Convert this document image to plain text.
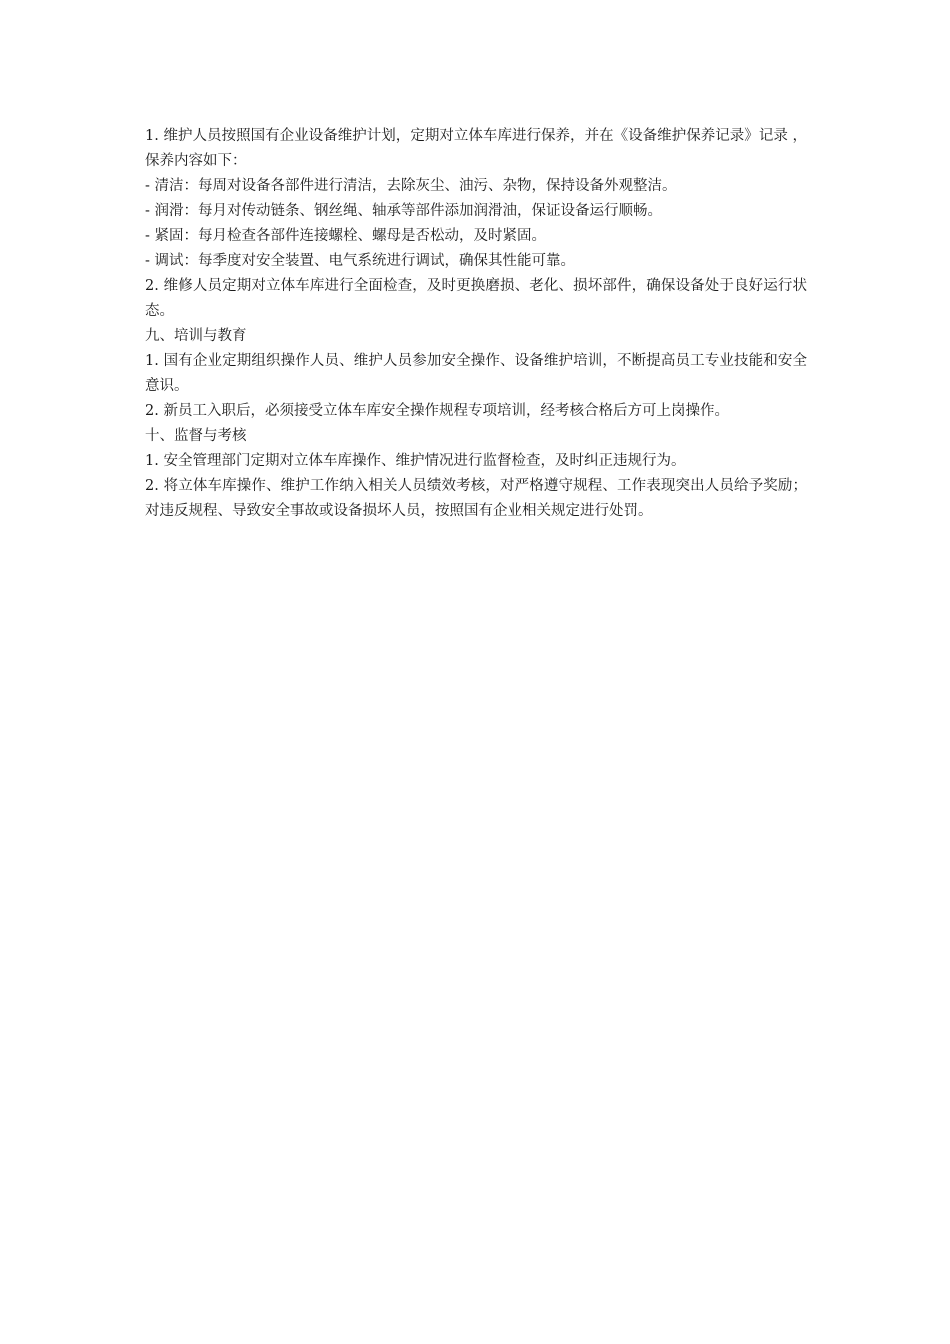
1. 维护人员按照国有企业设备维护计划，定期对立体车库进行保养，并在《设备维护保养记录》记录 ，保养内容如下：

- 清洁：每周对设备各部件进行清洁，去除灰尘、油污、杂物，保持设备外观整洁。

- 润滑：每月对传动链条、钢丝绳、轴承等部件添加润滑油，保证设备运行顺畅。

- 紧固：每月检查各部件连接螺栓、螺母是否松动，及时紧固。

- 调试：每季度对安全装置、电气系统进行调试，确保其性能可靠。

2. 维修人员定期对立体车库进行全面检查，及时更换磨损、老化、损坏部件，确保设备处于良好运行状态。

九、培训与教育

1. 国有企业定期组织操作人员、维护人员参加安全操作、设备维护培训，不断提高员工专业技能和安全意识。

2. 新员工入职后，必须接受立体车库安全操作规程专项培训，经考核合格后方可上岗操作。

十、监督与考核

1. 安全管理部门定期对立体车库操作、维护情况进行监督检查，及时纠正违规行为。

2. 将立体车库操作、维护工作纳入相关人员绩效考核，对严格遵守规程、工作表现突出人员给予奖励；对违反规程、导致安全事故或设备损坏人员，按照国有企业相关规定进行处罚。
